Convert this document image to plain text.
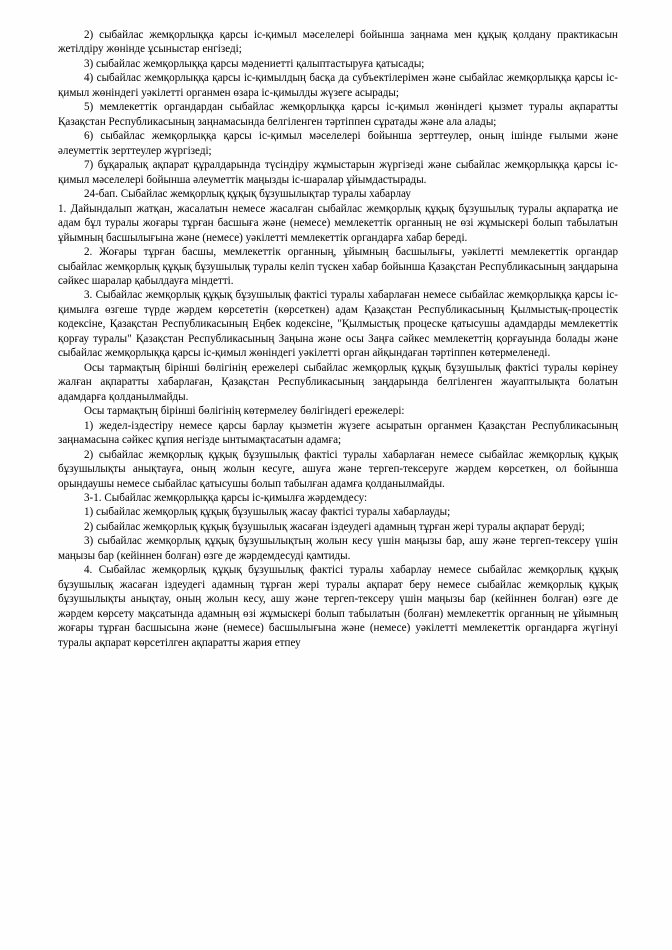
2) сыбайлас жемқорлыққа қарсы іс-қимыл мәселелері бойынша заңнама мен құқық қолдану практикасын жетілдіру жөнінде ұсыныстар енгізеді;

3) сыбайлас жемқорлыққа қарсы мәдениетті қалыптастыруға қатысады;

4) сыбайлас жемқорлыққа қарсы іс-қимылдың басқа да субъектілерімен және сыбайлас жемқорлыққа қарсы іс-қимыл жөніндегі уәкілетті органмен өзара іс-қимылды жүзеге асырады;

5) мемлекеттік органдардан сыбайлас жемқорлыққа қарсы іс-қимыл жөніндегі қызмет туралы ақпаратты Қазақстан Республикасының заңнамасында белгіленген тәртіппен сұратады және ала алады;

6) сыбайлас жемқорлыққа қарсы іс-қимыл мәселелері бойынша зерттеулер, оның ішінде ғылыми және әлеуметтік зерттеулер жүргізеді;

7) бұқаралық ақпарат құралдарында түсіндіру жұмыстарын жүргізеді және сыбайлас жемқорлыққа қарсы іс-қимыл мәселелері бойынша әлеуметтік маңызды іс-шаралар ұйымдастырады.

24-бап. Сыбайлас жемқорлық құқық бұзушылықтар туралы хабарлау

1. Дайындалып жатқан, жасалатын немесе жасалған сыбайлас жемқорлық құқық бұзушылық туралы ақпаратқа ие адам бұл туралы жоғары тұрған басшыға және (немесе) мемлекеттік органның не өзі жұмыскері болып табылатын ұйымның басшылығына және (немесе) уәкілетті мемлекеттік органдарға хабар береді.

2. Жоғары тұрған басшы, мемлекеттік органның, ұйымның басшылығы, уәкілетті мемлекеттік органдар сыбайлас жемқорлық құқық бұзушылық туралы келіп түскен хабар бойынша Қазақстан Республикасының заңдарына сәйкес шаралар қабылдауға міндетті.

3. Сыбайлас жемқорлық құқық бұзушылық фактісі туралы хабарлаған немесе сыбайлас жемқорлыққа қарсы іс-қимылға өзгеше түрде жәрдем көрсететін (көрсеткен) адам Қазақстан Республикасының Қылмыстық-процестік кодексіне, Қазақстан Республикасының Еңбек кодексіне, "Қылмыстық процеске қатысушы адамдарды мемлекеттік қорғау туралы" Қазақстан Республикасының Заңына және осы Заңға сәйкес мемлекеттің қорғауында болады және сыбайлас жемқорлыққа қарсы іс-қимыл жөніндегі уәкілетті орган айқындаған тәртіппен көтермеленеді.

Осы тармақтың бірінші бөлігінің ережелері сыбайлас жемқорлық құқық бұзушылық фактісі туралы көрінеу жалған ақпаратты хабарлаған, Қазақстан Республикасының заңдарында белгіленген жауаптылықта болатын адамдарға қолданылмайды.

Осы тармақтың бірінші бөлігінің көтермелеу бөлігіндегі ережелері:

1) жедел-іздестіру немесе қарсы барлау қызметін жүзеге асыратын органмен Қазақстан Республикасының заңнамасына сәйкес құпия негізде ынтымақтасатын адамға;

2) сыбайлас жемқорлық құқық бұзушылық фактісі туралы хабарлаған немесе сыбайлас жемқорлық құқық бұзушылықты анықтауға, оның жолын кесуге, ашуға және тергеп-тексеруге жәрдем көрсеткен, ол бойынша орындаушы немесе сыбайлас қатысушы болып табылған адамға қолданылмайды.

3-1. Сыбайлас жемқорлыққа қарсы іс-қимылға жәрдемдесу:

1) сыбайлас жемқорлық құқық бұзушылық жасау фактісі туралы хабарлауды;

2) сыбайлас жемқорлық құқық бұзушылық жасаған іздеудегі адамның тұрған жері туралы ақпарат беруді;

3) сыбайлас жемқорлық құқық бұзушылықтың жолын кесу үшін маңызы бар, ашу және тергеп-тексеру үшін маңызы бар (кейіннен болған) өзге де жәрдемдесуді қамтиды.

4. Сыбайлас жемқорлық құқық бұзушылық фактісі туралы хабарлау немесе сыбайлас жемқорлық құқық бұзушылық жасаған іздеудегі адамның тұрған жері туралы ақпарат беру немесе сыбайлас жемқорлық құқық бұзушылықты анықтау, оның жолын кесу, ашу және тергеп-тексеру үшін маңызы бар (кейіннен болған) өзге де жәрдем көрсету мақсатында адамның өзі жұмыскері болып табылатын (болған) мемлекеттік органның не ұйымның жоғары тұрған басшысына және (немесе) басшылығына және (немесе) уәкілетті мемлекеттік органдарға жүгінуі туралы ақпарат көрсетілген ақпаратты жария етпеу
